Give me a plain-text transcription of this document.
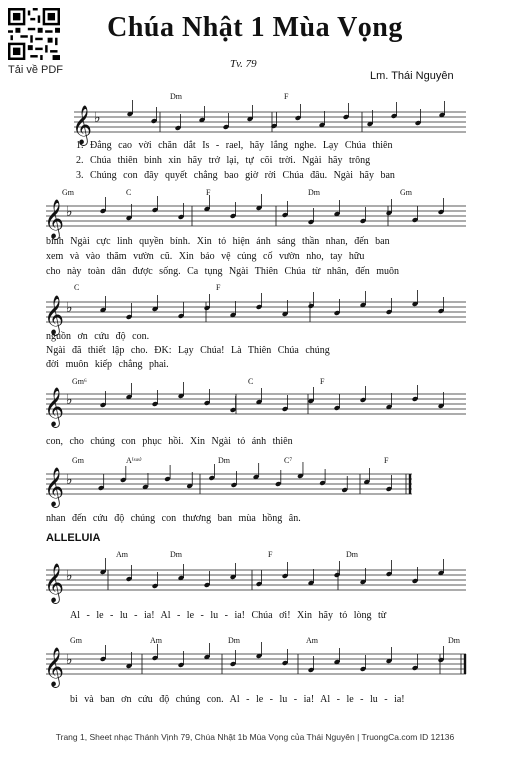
Tải về PDF
Chúa Nhật 1 Mùa Vọng
Tv. 79
Lm. Thái Nguyên
Dm	F
𝄞 ♭
1. Đẳng cao vời chăn dắt Is - rael, hãy lắng nghe. Lạy Chúa thiên
2. Chúa thiên binh xin hãy trở lại, tự cõi trời. Ngài hãy trông
3. Chúng con đây quyết chẳng bao giờ rời Chúa đâu. Ngài hãy ban
Gm	C	F	Dm	Gm
𝄞 ♭
bình Ngài cực linh quyền bính. Xin tỏ hiện ánh sáng thần nhan, đến ban
xem và vào thăm vườn cũ. Xin bảo vệ củng cố vườn nho, tay hữu
cho này toàn dân được sống. Ca tụng Ngài Thiên Chúa từ nhân, đến muôn
C	F
𝄞 ♭
nguồn ơn cứu độ con.
Ngài đã thiết lập cho. ĐK: Lạy Chúa! Là Thiên Chúa chúng
đời muôn kiếp chẳng phai.
Gm⁶	C	F
𝄞 ♭
con, cho chúng con phục hồi. Xin Ngài tỏ ánh thiên
Gm	A⁽ˢᵘˢ⁾	Dm	C⁷	F
𝄞 ♭
nhan đến cứu độ chúng con thương ban mùa hồng ân.
ALLELUIA
Am	Dm	F	Dm
𝄞 ♭
Al - le - lu - ia! Al - le - lu - ia! Chúa ơi! Xin hãy tỏ lòng từ
Gm	Am	Dm	Am	Dm
𝄞 ♭
bi và ban ơn cứu độ chúng con. Al - le - lu - ia! Al - le - lu - ia!
Trang 1, Sheet nhạc Thánh Vịnh 79, Chúa Nhật 1b Mùa Vọng của Thái Nguyên | TruongCa.com ID 12136
